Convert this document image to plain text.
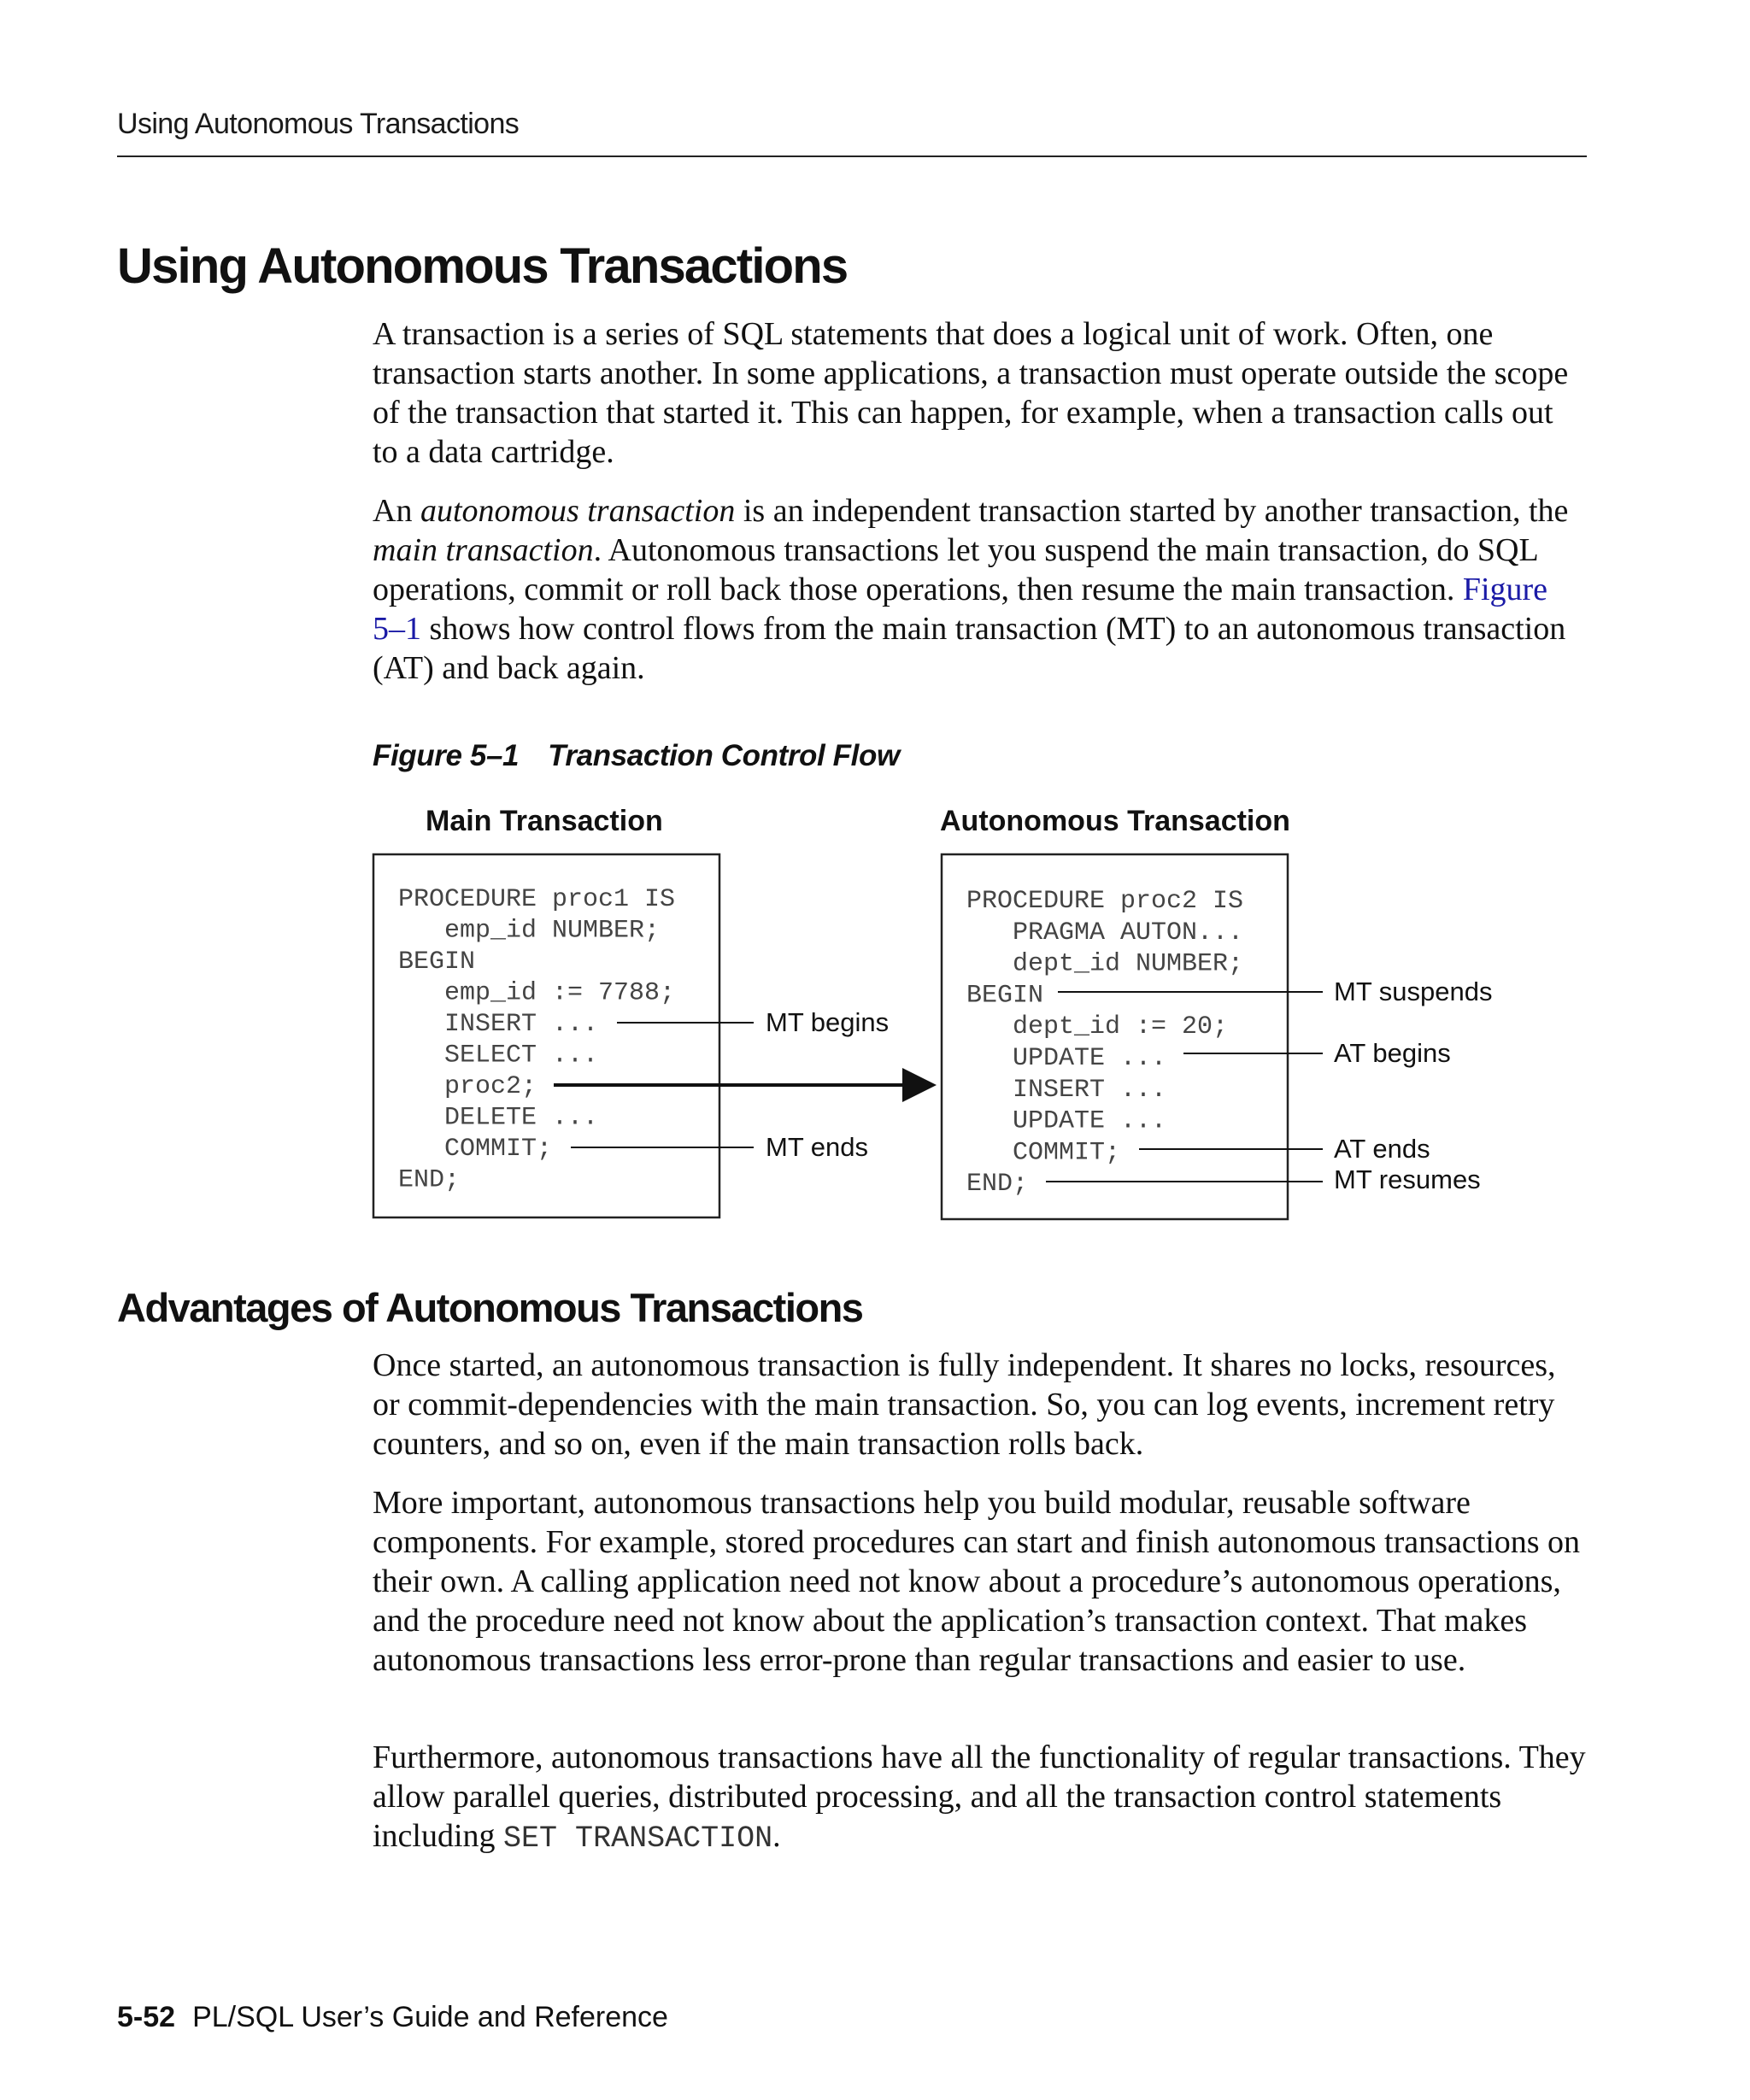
Using Autonomous Transactions
Using Autonomous Transactions

A transaction is a series of SQL statements that does a logical unit of work. Often, one transaction starts another. In some applications, a transaction must operate outside the scope of the transaction that started it. This can happen, for example, when a transaction calls out to a data cartridge.

An autonomous transaction is an independent transaction started by another transaction, the main transaction. Autonomous transactions let you suspend the main transaction, do SQL operations, commit or roll back those operations, then resume the main transaction. Figure 5–1 shows how control flows from the main transaction (MT) to an autonomous transaction (AT) and back again.

Figure 5–1 Transaction Control Flow
Main Transaction	Autonomous Transaction
PROCEDURE proc1 IS
emp_id NUMBER;
BEGIN
emp_id := 7788;
INSERT ...
SELECT ...
proc2;
DELETE ...
COMMIT;
END;
PROCEDURE proc2 IS
PRAGMA AUTON...
dept_id NUMBER;
BEGIN
dept_id := 20;
UPDATE ...
INSERT ...
UPDATE ...
COMMIT;
END;
MT begins
MT ends
MT suspends
AT begins
AT ends
MT resumes
Advantages of Autonomous Transactions

Once started, an autonomous transaction is fully independent. It shares no locks, resources, or commit-dependencies with the main transaction. So, you can log events, increment retry counters, and so on, even if the main transaction rolls back.

More important, autonomous transactions help you build modular, reusable software components. For example, stored procedures can start and finish autonomous transactions on their own. A calling application need not know about a procedure’s autonomous operations, and the procedure need not know about the application’s transaction context. That makes autonomous transactions less error-prone than regular transactions and easier to use.

Furthermore, autonomous transactions have all the functionality of regular transactions. They allow parallel queries, distributed processing, and all the transaction control statements including SET TRANSACTION.

5-52 PL/SQL User’s Guide and Reference
